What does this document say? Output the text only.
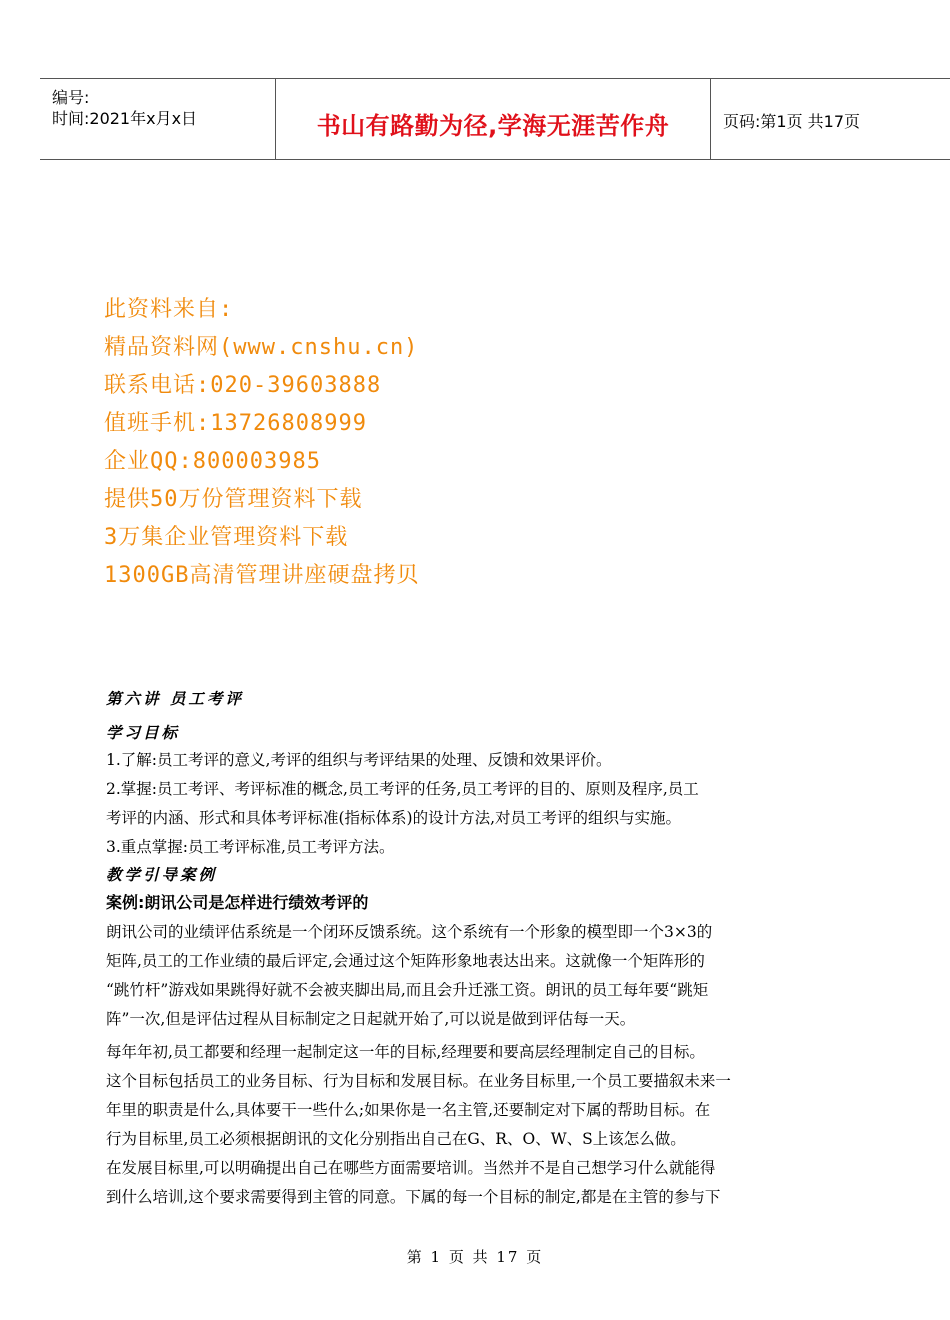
编号:
时间:2021年x月x日	书山有路勤为径,学海无涯苦作舟	页码:第1页 共17页
此资料来自:
精品资料网(www.cnshu.cn)
联系电话:020-39603888
值班手机:13726808999
企业QQ:800003985
提供50万份管理资料下载
3万集企业管理资料下载
1300GB高清管理讲座硬盘拷贝
第六讲 员工考评
学习目标
1.了解:员工考评的意义,考评的组织与考评结果的处理、反馈和效果评价。
2.掌握:员工考评、考评标准的概念,员工考评的任务,员工考评的目的、原则及程序,员工
考评的内涵、形式和具体考评标准(指标体系)的设计方法,对员工考评的组织与实施。
3.重点掌握:员工考评标准,员工考评方法。
教学引导案例
案例:朗讯公司是怎样进行绩效考评的
朗讯公司的业绩评估系统是一个闭环反馈系统。这个系统有一个形象的模型即一个3×3的
矩阵,员工的工作业绩的最后评定,会通过这个矩阵形象地表达出来。这就像一个矩阵形的
“跳竹杆”游戏如果跳得好就不会被夹脚出局,而且会升迁涨工资。朗讯的员工每年要“跳矩
阵”一次,但是评估过程从目标制定之日起就开始了,可以说是做到评估每一天。
每年年初,员工都要和经理一起制定这一年的目标,经理要和要高层经理制定自己的目标。
这个目标包括员工的业务目标、行为目标和发展目标。在业务目标里,一个员工要描叙未来一
年里的职责是什么,具体要干一些什么;如果你是一名主管,还要制定对下属的帮助目标。在
行为目标里,员工必须根据朗讯的文化分别指出自己在G、R、O、W、S上该怎么做。
在发展目标里,可以明确提出自己在哪些方面需要培训。当然并不是自己想学习什么就能得
到什么培训,这个要求需要得到主管的同意。下属的每一个目标的制定,都是在主管的参与下
第 1 页 共 17 页
